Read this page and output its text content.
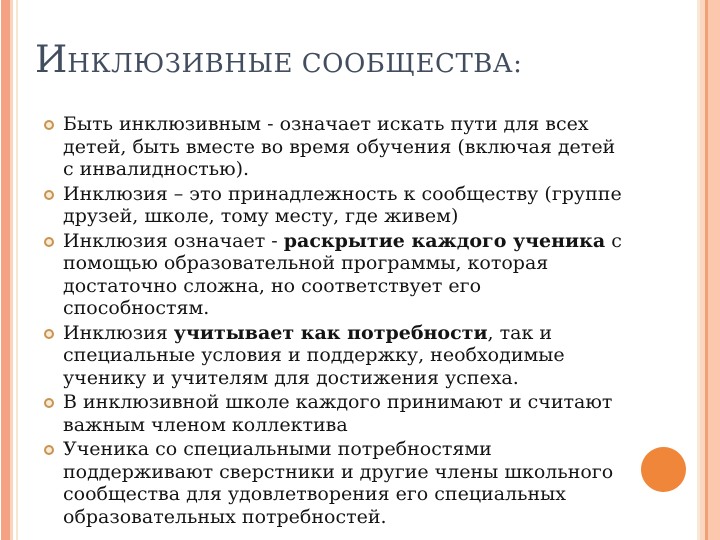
ИНКЛЮЗИВНЫЕ СООБЩЕСТВА:
Быть инклюзивным - означает искать пути для всех детей, быть вместе во время обучения (включая детей с инвалидностью).
Инклюзия – это принадлежность к сообществу (группе друзей, школе, тому месту, где живем)
Инклюзия означает - раскрытие каждого ученика с помощью образовательной программы, которая достаточно сложна, но соответствует его способностям.
Инклюзия учитывает как потребности, так и специальные условия и поддержку, необходимые ученику и учителям для достижения успеха.
В инклюзивной школе каждого принимают и считают важным членом коллектива
Ученика со специальными потребностями поддерживают сверстники и другие члены школьного сообщества для удовлетворения его специальных образовательных потребностей.
